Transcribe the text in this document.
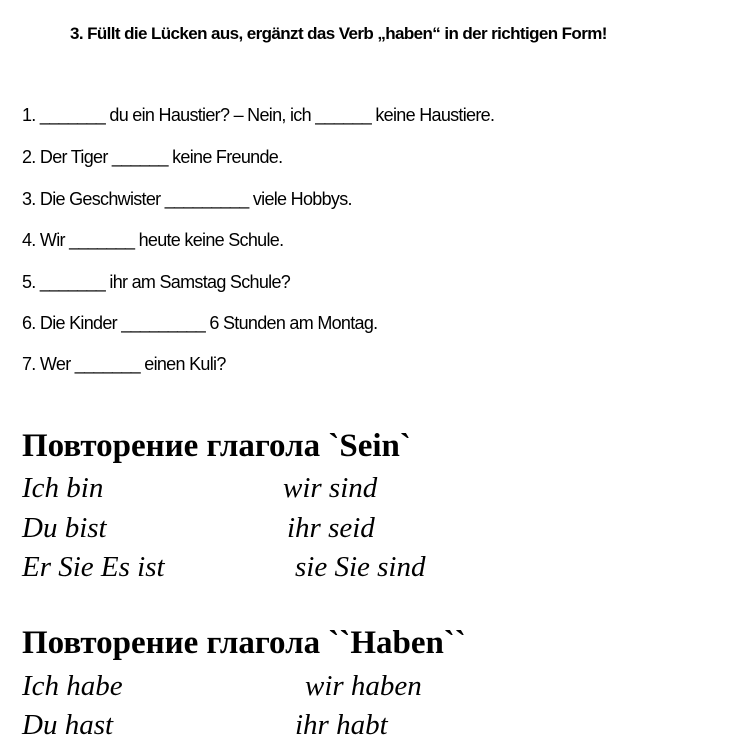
3. Füllt die Lücken aus, ergänzt das Verb „haben“ in der richtigen Form!
1. _______ du ein Haustier? – Nein, ich ______ keine Haustiere.
2. Der Tiger ______ keine Freunde.
3. Die Geschwister _________ viele Hobbys.
4. Wir _______ heute keine Schule.
5. _______ ihr am Samstag Schule?
6. Die Kinder _________ 6 Stunden am Montag.
7. Wer _______ einen Kuli?
Повторение глагола `Sein`
Ich bin	wir sind
Du bist	ihr seid
Er Sie Es ist	sie Sie sind
Повторение глагола ``Haben``
Ich habe	wir haben
Du hast	ihr habt
